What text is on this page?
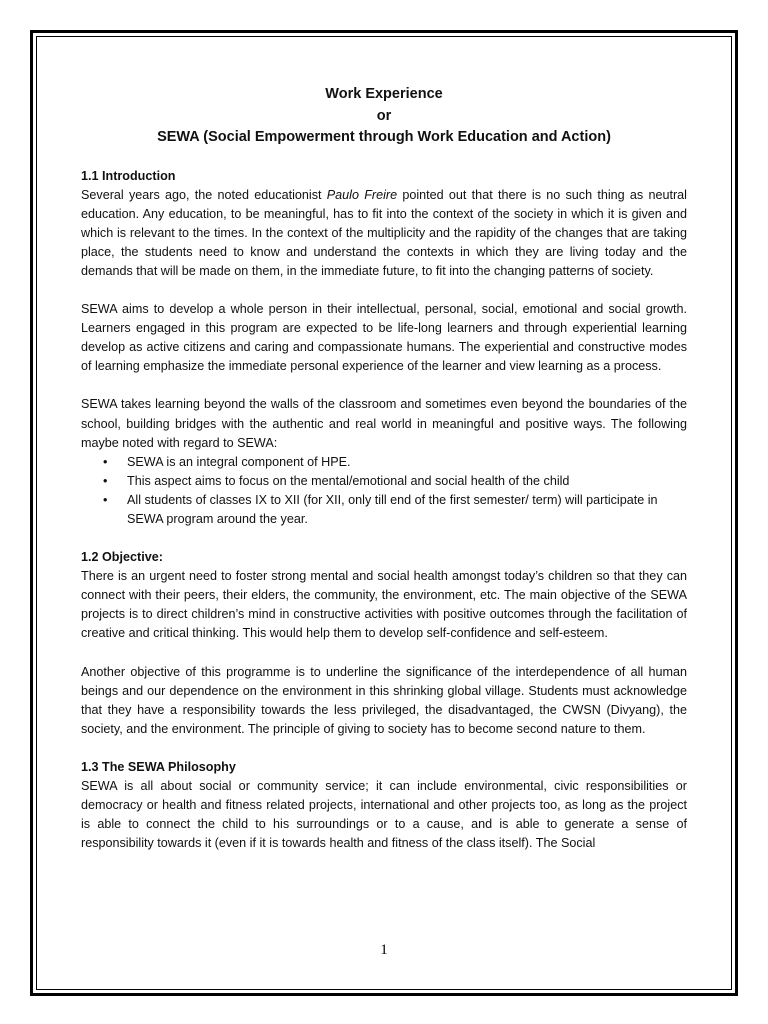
Work Experience
or
SEWA (Social Empowerment through Work Education and Action)
1.1 Introduction

Several years ago, the noted educationist Paulo Freire pointed out that there is no such thing as neutral education. Any education, to be meaningful, has to fit into the context of the society in which it is given and which is relevant to the times. In the context of the multiplicity and the rapidity of the changes that are taking place, the students need to know and understand the contexts in which they are living today and the demands that will be made on them, in the immediate future, to fit into the changing patterns of society.

SEWA aims to develop a whole person in their intellectual, personal, social, emotional and social growth. Learners engaged in this program are expected to be life-long learners and through experiential learning develop as active citizens and caring and compassionate humans. The experiential and constructive modes of learning emphasize the immediate personal experience of the learner and view learning as a process.

SEWA takes learning beyond the walls of the classroom and sometimes even beyond the boundaries of the school, building bridges with the authentic and real world in meaningful and positive ways. The following maybe noted with regard to SEWA:

• SEWA is an integral component of HPE.
• This aspect aims to focus on the mental/emotional and social health of the child
• All students of classes IX to XII (for XII, only till end of the first semester/ term) will participate in SEWA program around the year.
1.2 Objective:

There is an urgent need to foster strong mental and social health amongst today’s children so that they can connect with their peers, their elders, the community, the environment, etc. The main objective of the SEWA projects is to direct children’s mind in constructive activities with positive outcomes through the facilitation of creative and critical thinking. This would help them to develop self-confidence and self-esteem.

Another objective of this programme is to underline the significance of the interdependence of all human beings and our dependence on the environment in this shrinking global village. Students must acknowledge that they have a responsibility towards the less privileged, the disadvantaged, the CWSN (Divyang), the society, and the environment. The principle of giving to society has to become second nature to them.

1.3 The SEWA Philosophy

SEWA is all about social or community service; it can include environmental, civic responsibilities or democracy or health and fitness related projects, international and other projects too, as long as the project is able to connect the child to his surroundings or to a cause, and is able to generate a sense of responsibility towards it (even if it is towards health and fitness of the class itself). The Social

1
